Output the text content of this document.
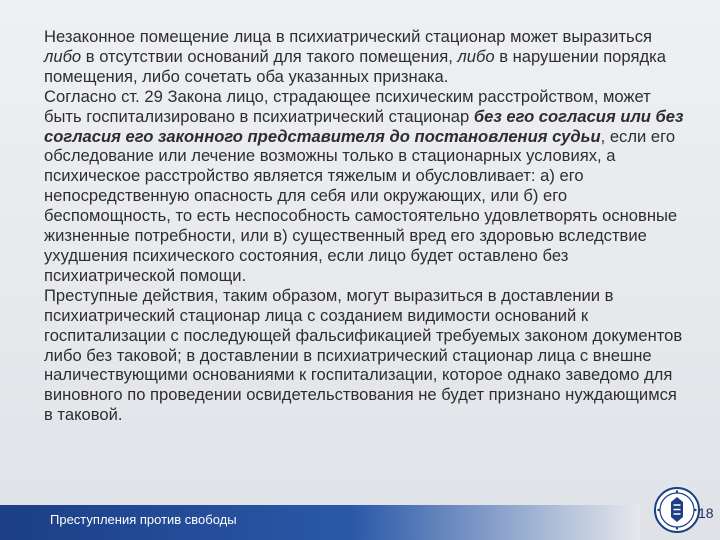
Незаконное помещение лица в психиатрический стационар может выразиться либо в отсутствии оснований для такого помещения, либо в нарушении порядка помещения, либо сочетать оба указанных признака.

Согласно ст. 29 Закона лицо, страдающее психическим расстройством, может быть госпитализировано в психиатрический стационар без его согласия или без согласия его законного представителя до постановления судьи, если его обследование или лечение возможны только в стационарных условиях, а психическое расстройство является тяжелым и обусловливает: а) его непосредственную опасность для себя или окружающих, или б) его беспомощность, то есть неспособность самостоятельно удовлетворять основные жизненные потребности, или в) существенный вред его здоровью вследствие ухудшения психического состояния, если лицо будет оставлено без психиатрической помощи.

Преступные действия, таким образом, могут выразиться в доставлении в психиатрический стационар лица с созданием видимости оснований к госпитализации с последующей фальсификацией требуемых законом документов либо без таковой; в доставлении в психиатрический стационар лица с внешне наличествующими основаниями к госпитализации, которое однако заведомо для виновного по проведении освидетельствования не будет признано нуждающимся в таковой.

Преступления против свободы	18
